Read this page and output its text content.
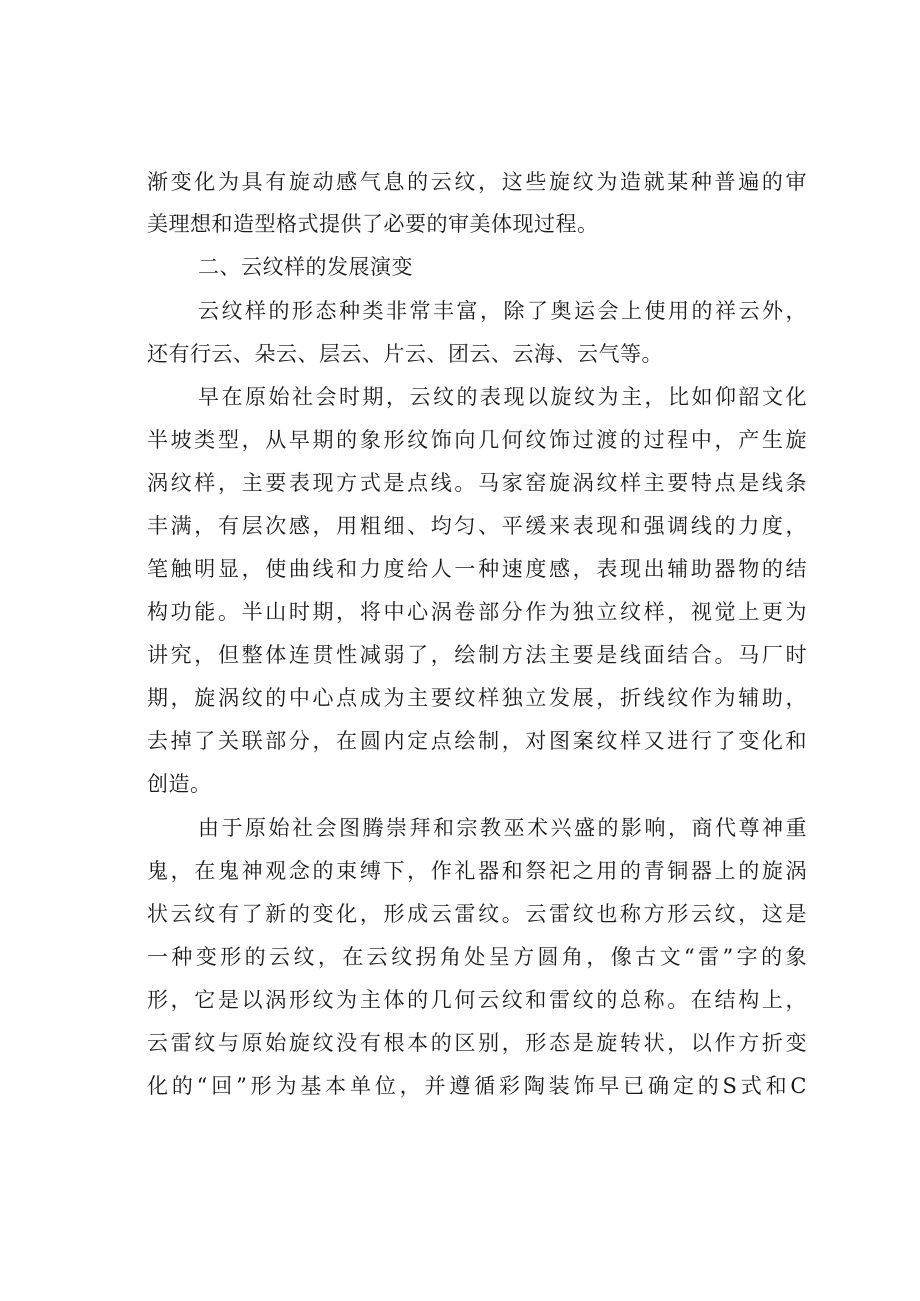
渐变化为具有旋动感气息的云纹，这些旋纹为造就某种普遍的审
美理想和造型格式提供了必要的审美体现过程。
二、云纹样的发展演变
云纹样的形态种类非常丰富，除了奥运会上使用的祥云外，
还有行云、朵云、层云、片云、团云、云海、云气等。
早在原始社会时期，云纹的表现以旋纹为主，比如仰韶文化
半坡类型，从早期的象形纹饰向几何纹饰过渡的过程中，产生旋
涡纹样，主要表现方式是点线。马家窑旋涡纹样主要特点是线条
丰满，有层次感，用粗细、均匀、平缓来表现和强调线的力度，
笔触明显，使曲线和力度给人一种速度感，表现出辅助器物的结
构功能。半山时期，将中心涡卷部分作为独立纹样，视觉上更为
讲究，但整体连贯性减弱了，绘制方法主要是线面结合。马厂时
期，旋涡纹的中心点成为主要纹样独立发展，折线纹作为辅助，
去掉了关联部分，在圆内定点绘制，对图案纹样又进行了变化和
创造。
由于原始社会图腾崇拜和宗教巫术兴盛的影响，商代尊神重
鬼，在鬼神观念的束缚下，作礼器和祭祀之用的青铜器上的旋涡
状云纹有了新的变化，形成云雷纹。云雷纹也称方形云纹，这是
一种变形的云纹，在云纹拐角处呈方圆角，像古文“雷”字的象
形，它是以涡形纹为主体的几何云纹和雷纹的总称。在结构上，
云雷纹与原始旋纹没有根本的区别，形态是旋转状，以作方折变
化的“回”形为基本单位，并遵循彩陶装饰早已确定的S式和C
